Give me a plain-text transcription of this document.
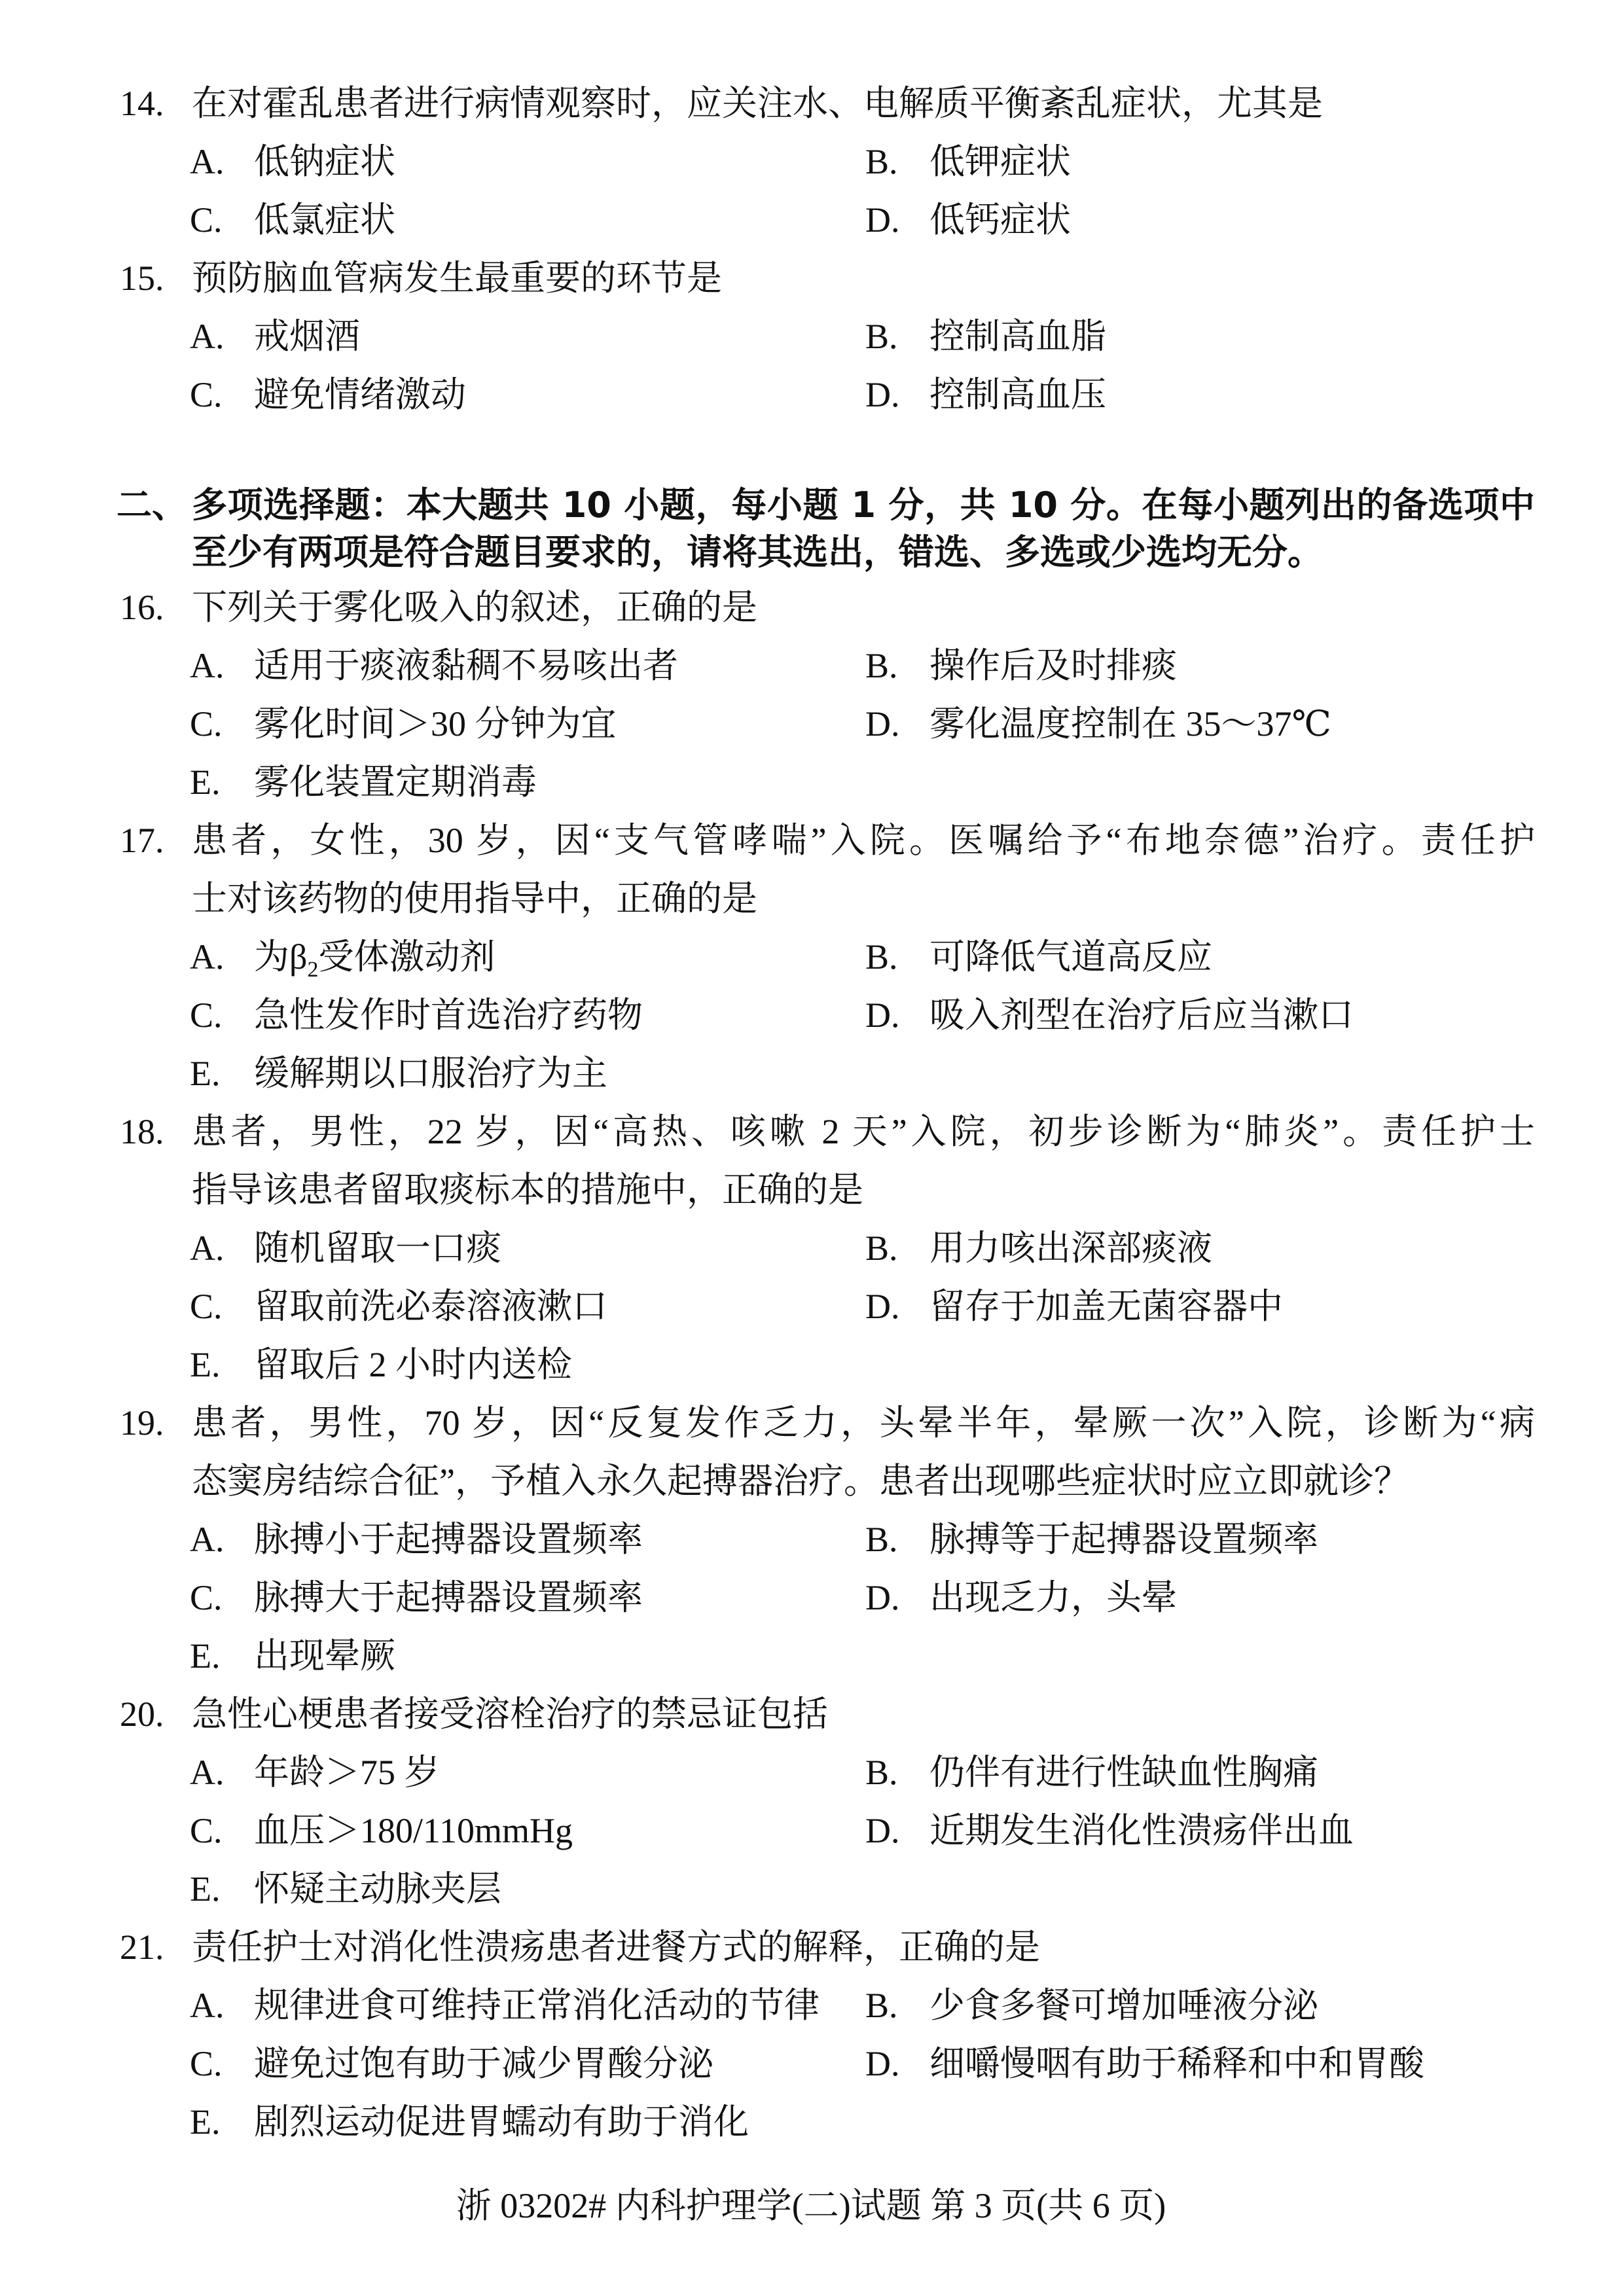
14. 在对霍乱患者进行病情观察时，应关注水、电解质平衡紊乱症状，尤其是
A. 低钠症状	B. 低钾症状
C. 低氯症状	D. 低钙症状
15. 预防脑血管病发生最重要的环节是
A. 戒烟酒	B. 控制高血脂
C. 避免情绪激动	D. 控制高血压
二、 多项选择题：本大题共 10 小题，每小题 1 分，共 10 分。在每小题列出的备选项中
至少有两项是符合题目要求的，请将其选出，错选、多选或少选均无分。
16. 下列关于雾化吸入的叙述，正确的是
A. 适用于痰液黏稠不易咳出者	B. 操作后及时排痰
C. 雾化时间＞30 分钟为宜	D. 雾化温度控制在 35～37℃
E. 雾化装置定期消毒
17. 患者，女性，30 岁，因“支气管哮喘”入院。医嘱给予“布地奈德”治疗。责任护
士对该药物的使用指导中，正确的是
A. 为$\beta_2$受体激动剂	B. 可降低气道高反应
C. 急性发作时首选治疗药物	D. 吸入剂型在治疗后应当漱口
E. 缓解期以口服治疗为主
18. 患者，男性，22 岁，因“高热、咳嗽 2 天”入院，初步诊断为“肺炎”。责任护士
指导该患者留取痰标本的措施中，正确的是
A. 随机留取一口痰	B. 用力咳出深部痰液
C. 留取前洗必泰溶液漱口	D. 留存于加盖无菌容器中
E. 留取后 2 小时内送检
19. 患者，男性，70 岁，因“反复发作乏力，头晕半年，晕厥一次”入院，诊断为“病
态窦房结综合征”，予植入永久起搏器治疗。患者出现哪些症状时应立即就诊？
A. 脉搏小于起搏器设置频率	B. 脉搏等于起搏器设置频率
C. 脉搏大于起搏器设置频率	D. 出现乏力，头晕
E. 出现晕厥
20. 急性心梗患者接受溶栓治疗的禁忌证包括
A. 年龄＞75 岁	B. 仍伴有进行性缺血性胸痛
C. 血压＞180/110mmHg	D. 近期发生消化性溃疡伴出血
E. 怀疑主动脉夹层
21. 责任护士对消化性溃疡患者进餐方式的解释，正确的是
A. 规律进食可维持正常消化活动的节律 B. 少食多餐可增加唾液分泌
C. 避免过饱有助于减少胃酸分泌	D. 细嚼慢咽有助于稀释和中和胃酸
E. 剧烈运动促进胃蠕动有助于消化
浙 03202# 内科护理学(二)试题 第 3 页(共 6 页)
